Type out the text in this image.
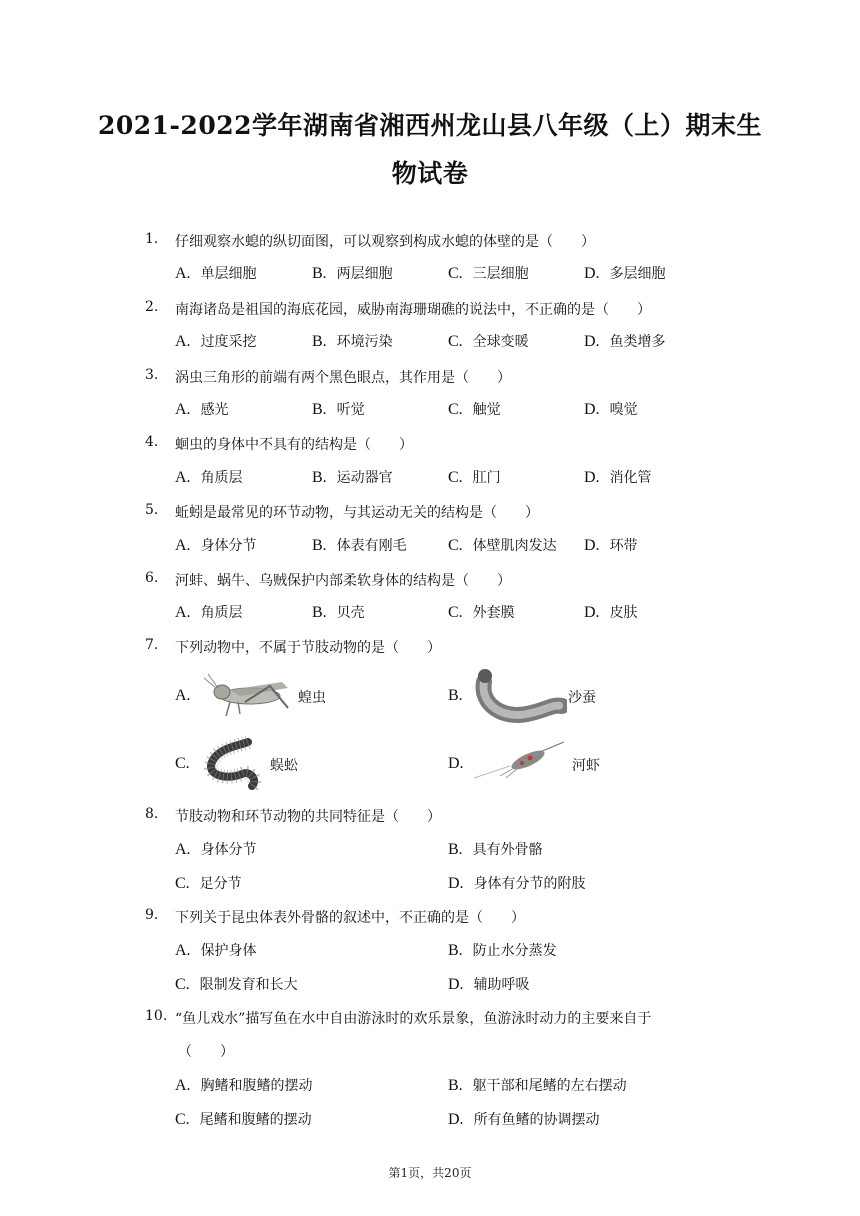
2021-2022学年湖南省湘西州龙山县八年级（上）期末生
物试卷
1. 仔细观察水螅的纵切面图，可以观察到构成水螅的体壁的是（　　）
A. 单层细胞	B. 两层细胞	C. 三层细胞	D. 多层细胞
2. 南海诸岛是祖国的海底花园，威胁南海珊瑚礁的说法中，不正确的是（　　）
A. 过度采挖	B. 环境污染	C. 全球变暖	D. 鱼类增多
3. 涡虫三角形的前端有两个黑色眼点，其作用是（　　）
A. 感光	B. 听觉	C. 触觉	D. 嗅觉
4. 蛔虫的身体中不具有的结构是（　　）
A. 角质层	B. 运动器官	C. 肛门	D. 消化管
5. 蚯蚓是最常见的环节动物，与其运动无关的结构是（　　）
A. 身体分节	B. 体表有刚毛	C. 体壁肌肉发达 D. 环带
6. 河蚌、蜗牛、乌贼保护内部柔软身体的结构是（　　）
A. 角质层	B. 贝壳	C. 外套膜	D. 皮肤
7. 下列动物中，不属于节肢动物的是（　　）
A.	蝗虫	B.	沙蚕
C.	蜈蚣	D.	河虾
8. 节肢动物和环节动物的共同特征是（　　）
A. 身体分节	B. 具有外骨骼
C. 足分节	D. 身体有分节的附肢
9. 下列关于昆虫体表外骨骼的叙述中，不正确的是（　　）
A. 保护身体	B. 防止水分蒸发
C. 限制发育和长大	D. 辅助呼吸
10. “鱼儿戏水”描写鱼在水中自由游泳时的欢乐景象，鱼游泳时动力的主要来自于
（　　）
A. 胸鳍和腹鳍的摆动	B. 躯干部和尾鳍的左右摆动
C. 尾鳍和腹鳍的摆动	D. 所有鱼鳍的协调摆动
第1页，共20页
